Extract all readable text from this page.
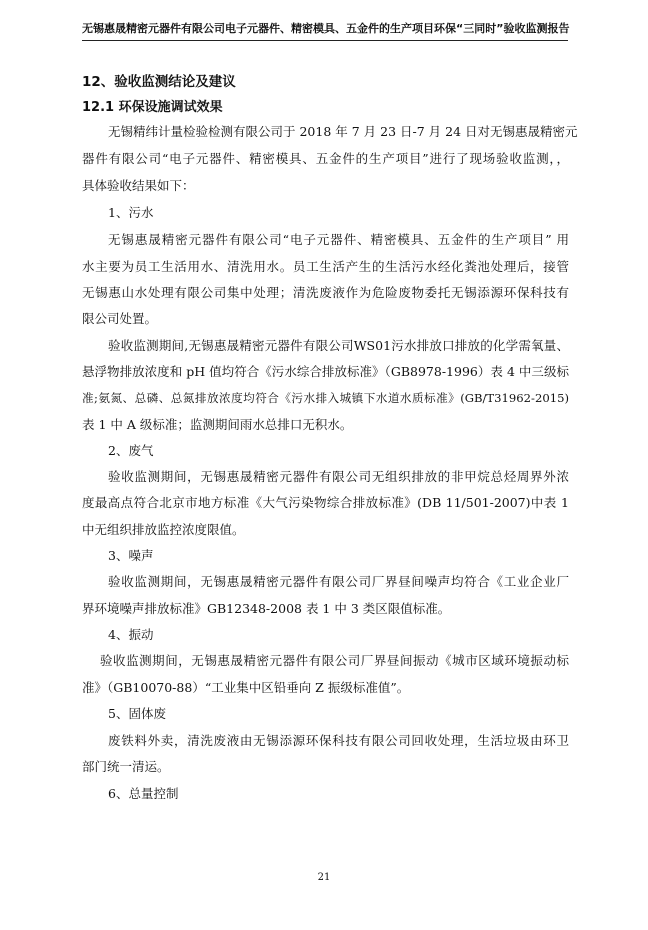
无锡惠晟精密元器件有限公司电子元器件、精密模具、五金件的生产项目环保“三同时”验收监测报告
12、验收监测结论及建议
12.1 环保设施调试效果
无锡精纬计量检验检测有限公司于 2018 年 7 月 23 日-7 月 24 日对无锡惠晟精密元
器件有限公司“电子元器件、精密模具、五金件的生产项目”进行了现场验收监测，，
具体验收结果如下：
1、污水
无锡惠晟精密元器件有限公司“电子元器件、精密模具、五金件的生产项目” 用
水主要为员工生活用水、清洗用水。员工生活产生的生活污水经化粪池处理后，接管
无锡惠山水处理有限公司集中处理；清洗废液作为危险废物委托无锡添源环保科技有
限公司处置。
验收监测期间,无锡惠晟精密元器件有限公司WS01污水排放口排放的化学需氧量、
悬浮物排放浓度和 pH 值均符合《污水综合排放标准》（GB8978-1996）表 4 中三级标
准;氨氮、总磷、总氮排放浓度均符合《污水排入城镇下水道水质标准》(GB/T31962-2015)
表 1 中 A 级标准；监测期间雨水总排口无积水。
2、废气
验收监测期间，无锡惠晟精密元器件有限公司无组织排放的非甲烷总烃周界外浓
度最高点符合北京市地方标准《大气污染物综合排放标准》(DB 11/501-2007)中表 1
中无组织排放监控浓度限值。
3、噪声
验收监测期间，无锡惠晟精密元器件有限公司厂界昼间噪声均符合《工业企业厂
界环境噪声排放标准》GB12348-2008 表 1 中 3 类区限值标准。
4、振动
验收监测期间，无锡惠晟精密元器件有限公司厂界昼间振动《城市区域环境振动标
准》（GB10070-88）“工业集中区铅垂向 Z 振级标准值”。
5、固体废
废铁料外卖，清洗废液由无锡添源环保科技有限公司回收处理，生活垃圾由环卫
部门统一清运。
6、总量控制
21
